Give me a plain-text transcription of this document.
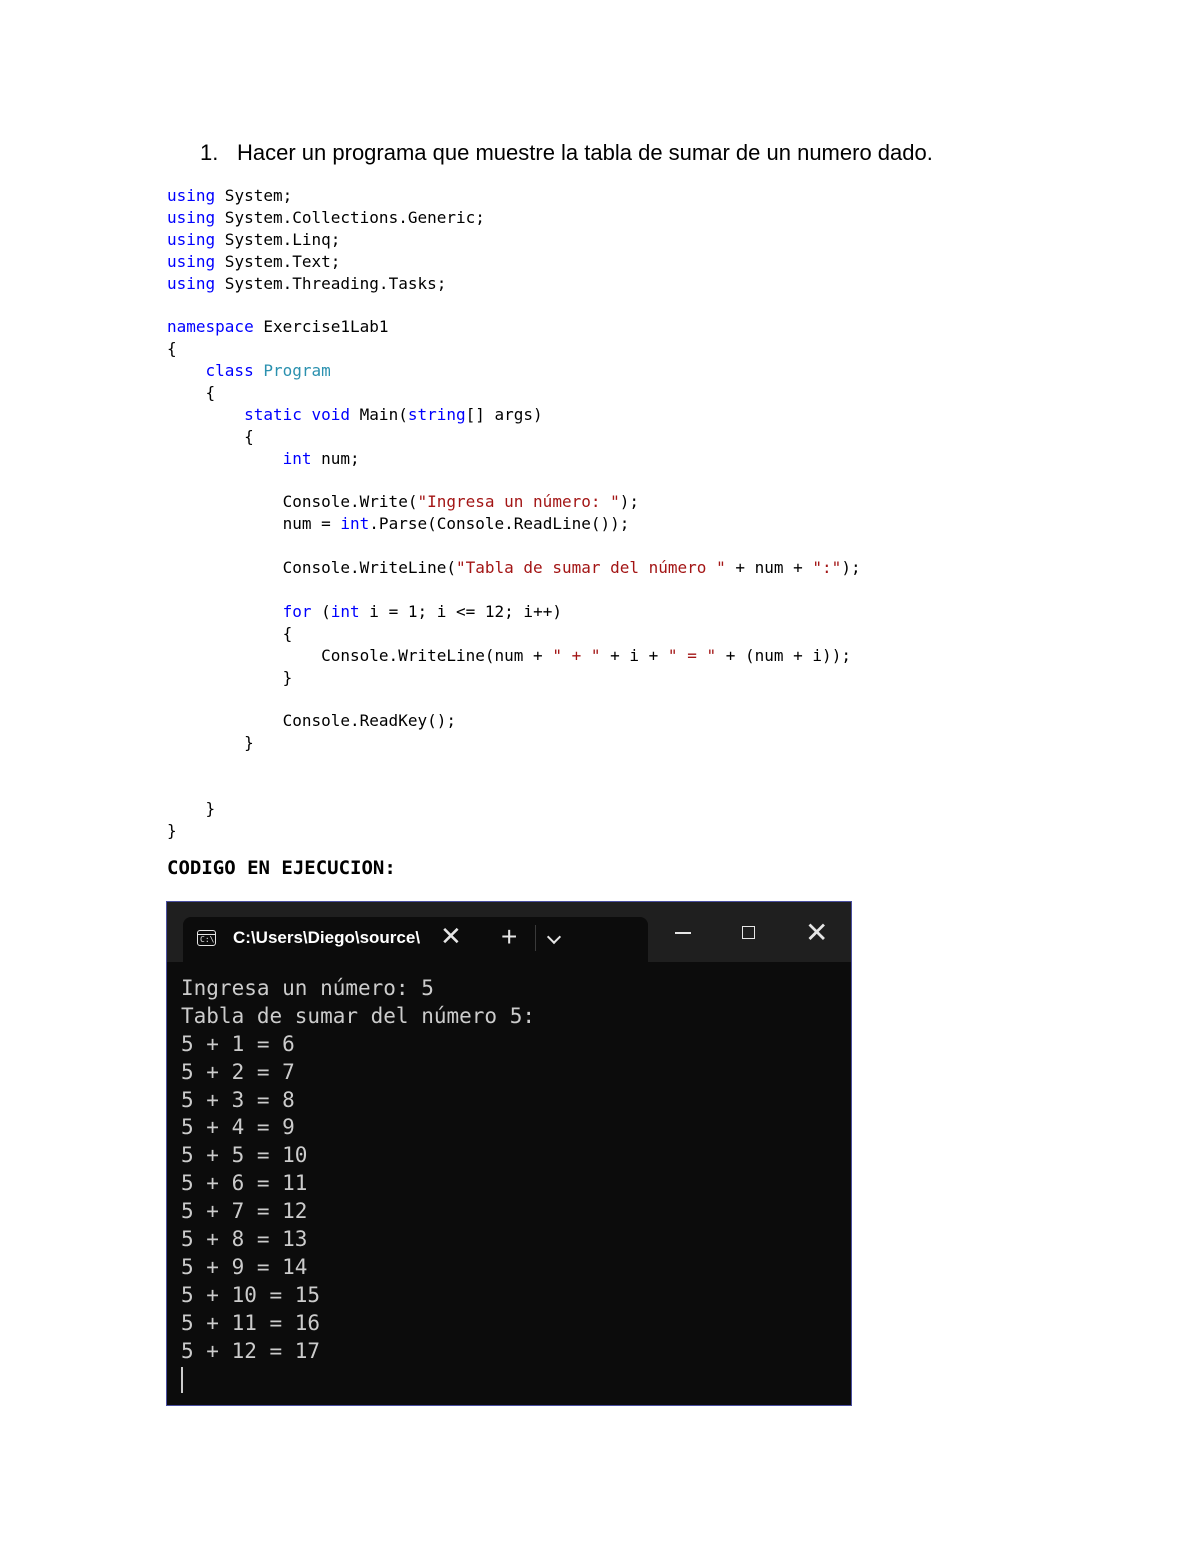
1. Hacer un programa que muestre la tabla de sumar de un numero dado.
using System;
using System.Collections.Generic;
using System.Linq;
using System.Text;
using System.Threading.Tasks;
namespace Exercise1Lab1
{
class Program
{
static void Main(string[] args)
{
int num;
Console.Write("Ingresa un número: ");
num = int.Parse(Console.ReadLine());
Console.WriteLine("Tabla de sumar del número " + num + ":");
for (int i = 1; i <= 12; i++)
{
Console.WriteLine(num + " + " + i + " = " + (num + i));
}
Console.ReadKey();
}
}
}
CODIGO EN EJECUCION:
C:\ C:\Users\Diego\source\ ✕ +	✕
Ingresa un número: 5
Tabla de sumar del número 5:
5 + 1 = 6
5 + 2 = 7
5 + 3 = 8
5 + 4 = 9
5 + 5 = 10
5 + 6 = 11
5 + 7 = 12
5 + 8 = 13
5 + 9 = 14
5 + 10 = 15
5 + 11 = 16
5 + 12 = 17
